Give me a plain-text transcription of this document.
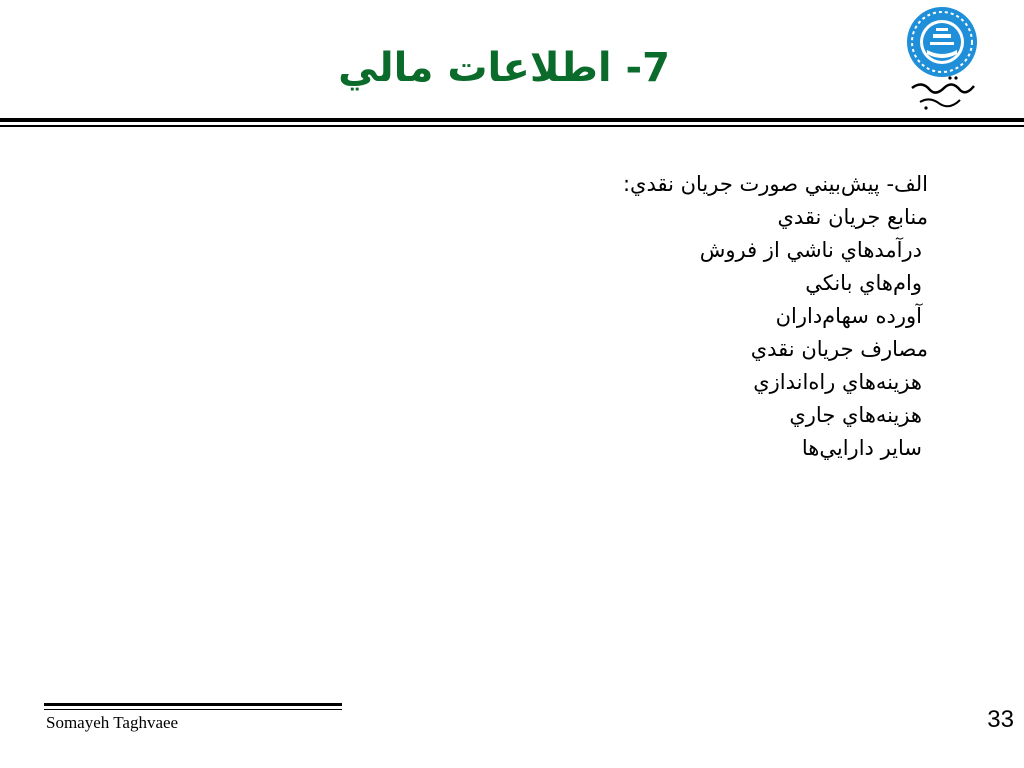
7- اطلاعات مالي
الف- پيش‌بيني صورت جريان نقدي:
منابع جريان نقدي
درآمدهاي ناشي از فروش
وام‌هاي بانكي
آورده سهام‌داران
مصارف جريان نقدي
هزينه‌هاي راه‌اندازي
هزينه‌هاي جاري
ساير دارايي‌ها
Somayeh Taghvaee	33
